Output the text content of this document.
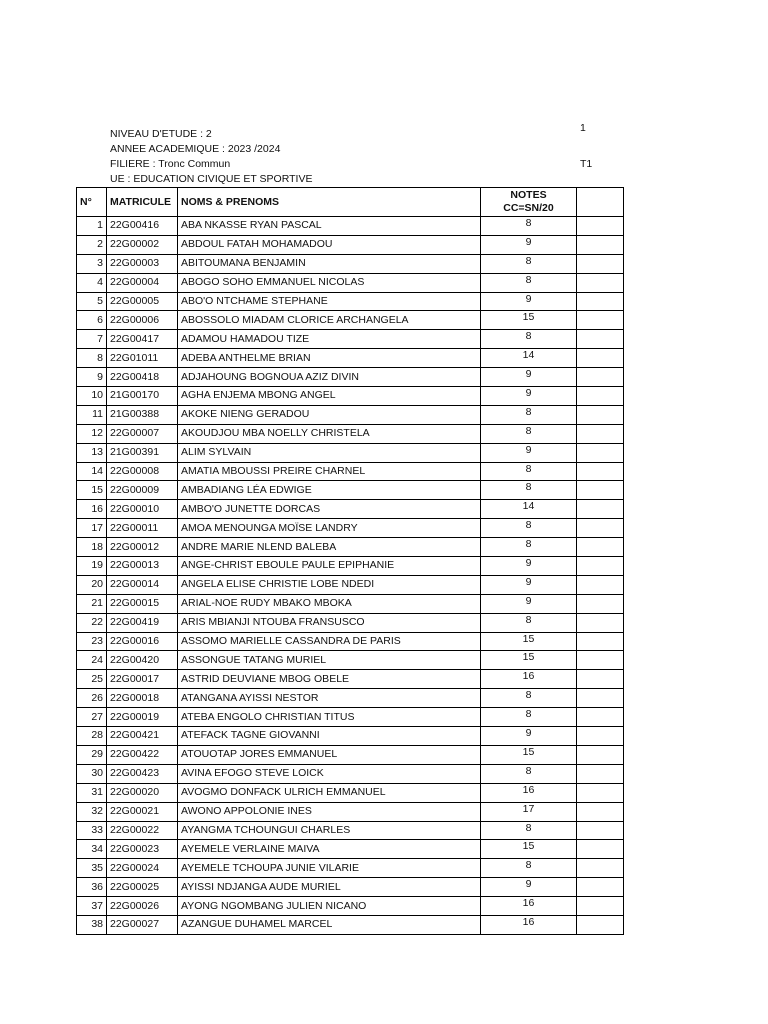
1
T1
NIVEAU D'ETUDE : 2
ANNEE ACADEMIQUE : 2023 /2024
FILIERE : Tronc Commun
UE : EDUCATION CIVIQUE ET SPORTIVE
N°	MATRICULE	NOMS & PRENOMS	NOTES
CC=SN/20	

1	22G00416	ABA NKASSE RYAN PASCAL	8	
2	22G00002	ABDOUL FATAH MOHAMADOU	9	
3	22G00003	ABITOUMANA BENJAMIN	8	
4	22G00004	ABOGO SOHO EMMANUEL NICOLAS	8	
5	22G00005	ABO'O NTCHAME STEPHANE	9	
6	22G00006	ABOSSOLO MIADAM CLORICE ARCHANGELA	15	
7	22G00417	ADAMOU HAMADOU TIZE	8	
8	22G01011	ADEBA ANTHELME BRIAN	14	
9	22G00418	ADJAHOUNG BOGNOUA AZIZ DIVIN	9	
10	21G00170	AGHA ENJEMA MBONG ANGEL	9	
11	21G00388	AKOKE NIENG GERADOU	8	
12	22G00007	AKOUDJOU MBA NOELLY CHRISTELA	8	
13	21G00391	ALIM SYLVAIN	9	
14	22G00008	AMATIA MBOUSSI PREIRE CHARNEL	8	
15	22G00009	AMBADIANG LÉA EDWIGE	8	
16	22G00010	AMBO'O JUNETTE DORCAS	14	
17	22G00011	AMOA MENOUNGA MOÏSE LANDRY	8	
18	22G00012	ANDRE MARIE NLEND BALEBA	8	
19	22G00013	ANGE-CHRIST EBOULE PAULE EPIPHANIE	9	
20	22G00014	ANGELA ELISE CHRISTIE LOBE NDEDI	9	
21	22G00015	ARIAL-NOE RUDY MBAKO MBOKA	9	
22	22G00419	ARIS MBIANJI NTOUBA FRANSUSCO	8	
23	22G00016	ASSOMO MARIELLE CASSANDRA DE PARIS	15	
24	22G00420	ASSONGUE TATANG MURIEL	15	
25	22G00017	ASTRID DEUVIANE MBOG OBELE	16	
26	22G00018	ATANGANA AYISSI NESTOR	8	
27	22G00019	ATEBA ENGOLO CHRISTIAN TITUS	8	
28	22G00421	ATEFACK TAGNE GIOVANNI	9	
29	22G00422	ATOUOTAP JORES EMMANUEL	15	
30	22G00423	AVINA EFOGO STEVE LOICK	8	
31	22G00020	AVOGMO DONFACK ULRICH EMMANUEL	16	
32	22G00021	AWONO APPOLONIE INES	17	
33	22G00022	AYANGMA TCHOUNGUI CHARLES	8	
34	22G00023	AYEMELE VERLAINE MAIVA	15	
35	22G00024	AYEMELE TCHOUPA JUNIE VILARIE	8	
36	22G00025	AYISSI NDJANGA AUDE MURIEL	9	
37	22G00026	AYONG NGOMBANG JULIEN NICANO	16	
38	22G00027	AZANGUE DUHAMEL MARCEL	16	
